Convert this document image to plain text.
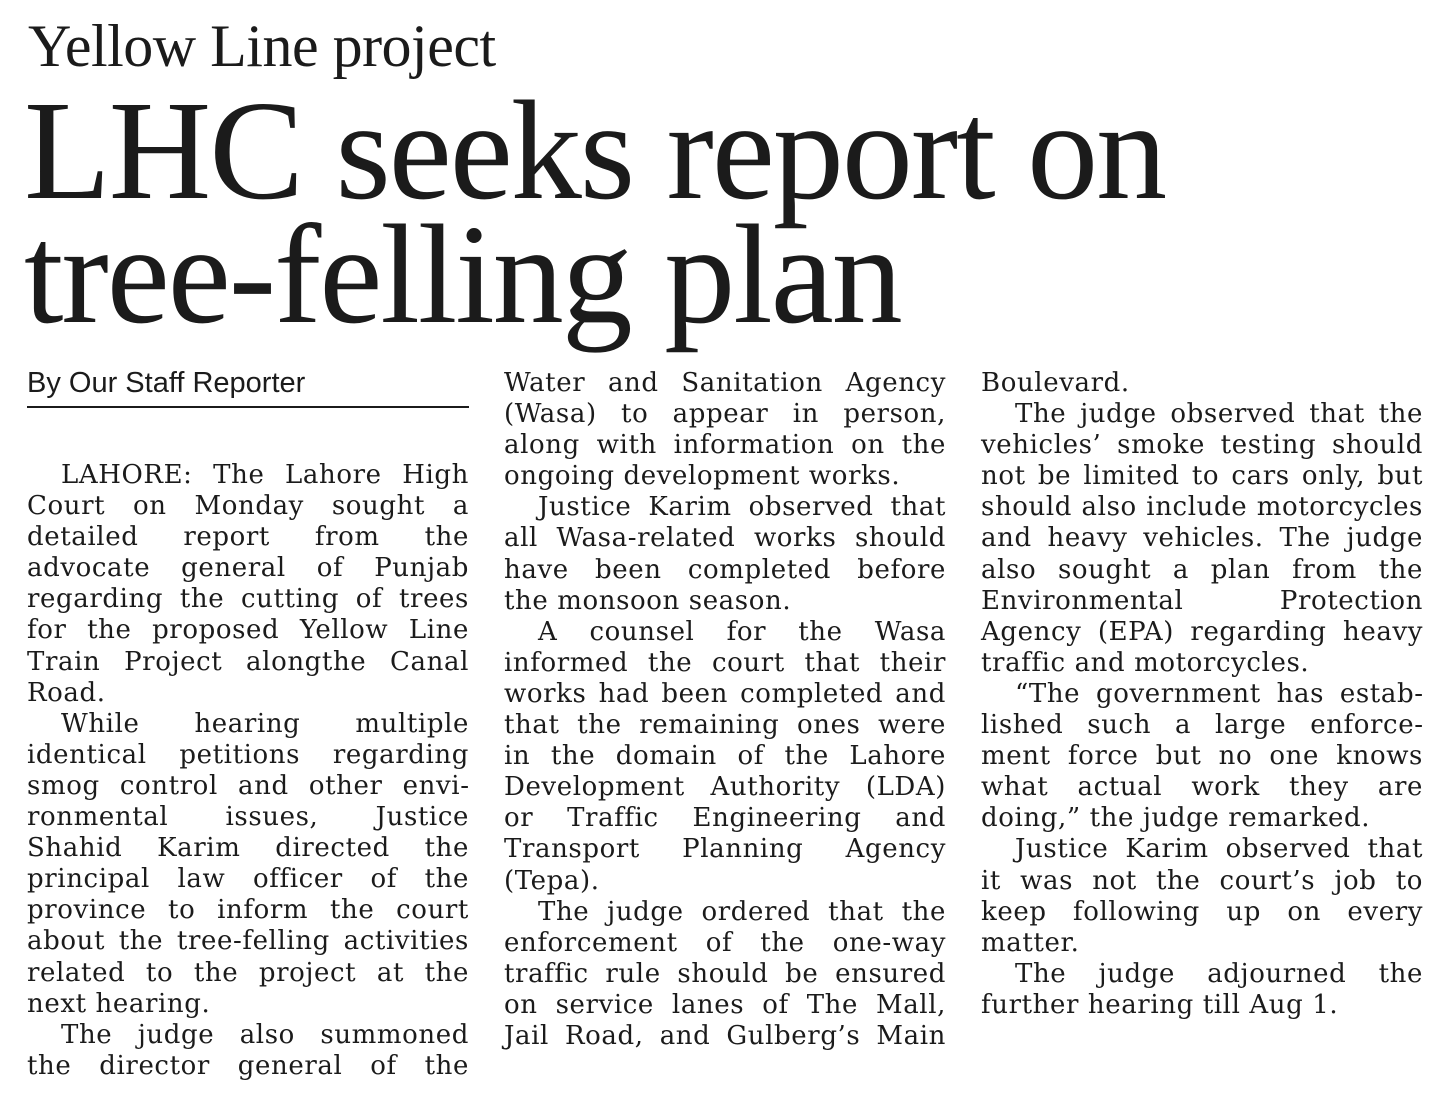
Yellow Line project
LHC seeks report on
tree-felling plan
By Our Staff Reporter

LAHORE: The Lahore High Court on Monday sought a detailed report from the advocate general of Punjab regarding the cutting of trees for the proposed Yellow Line Train Project alongthe Canal Road.

While hearing multiple identical petitions regarding smog control and other environmental issues, Justice Shahid Karim directed the principal law officer of the province to inform the court about the tree-felling activities related to the project at the next hearing.

The judge also summoned the director general of the

Water and Sanitation Agency (Wasa) to appear in person, along with information on the ongoing development works.

Justice Karim observed that all Wasa-related works should have been completed before the monsoon season.

A counsel for the Wasa informed the court that their works had been completed and that the remaining ones were in the domain of the Lahore Development Authority (LDA) or Traffic Engineering and Transport Planning Agency (Tepa).

The judge ordered that the enforcement of the one-way traffic rule should be ensured on service lanes of The Mall, Jail Road, and Gulberg’s Main

Boulevard.

The judge observed that the vehicles’ smoke testing should not be limited to cars only, but should also include motorcycles and heavy vehicles. The judge also sought a plan from the Environmental Protection Agency (EPA) regarding heavy traffic and motorcycles.

“The government has established such a large enforcement force but no one knows what actual work they are doing,” the judge remarked.

Justice Karim observed that it was not the court’s job to keep following up on every matter.

The judge adjourned the further hearing till Aug 1.
